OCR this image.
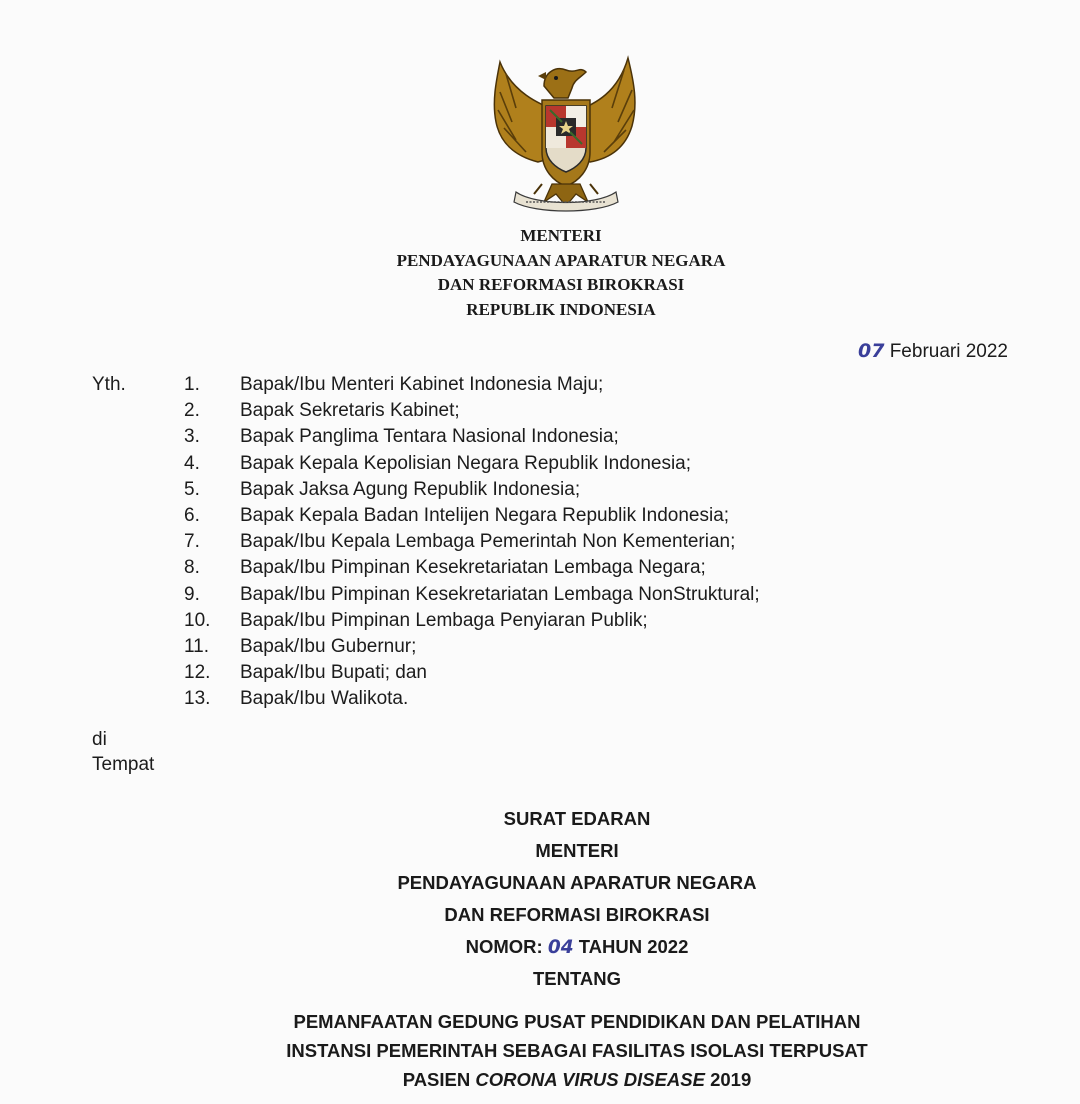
MENTERI
PENDAYAGUNAAN APARATUR NEGARA
DAN REFORMASI BIROKRASI
REPUBLIK INDONESIA
07 Februari 2022
Yth.	1.	Bapak/Ibu Menteri Kabinet Indonesia Maju;
2.	Bapak Sekretaris Kabinet;
3.	Bapak Panglima Tentara Nasional Indonesia;
4.	Bapak Kepala Kepolisian Negara Republik Indonesia;
5.	Bapak Jaksa Agung Republik Indonesia;
6.	Bapak Kepala Badan Intelijen Negara Republik Indonesia;
7.	Bapak/Ibu Kepala Lembaga Pemerintah Non Kementerian;
8.	Bapak/Ibu Pimpinan Kesekretariatan Lembaga Negara;
9.	Bapak/Ibu Pimpinan Kesekretariatan Lembaga NonStruktural;
10.	Bapak/Ibu Pimpinan Lembaga Penyiaran Publik;
11.	Bapak/Ibu Gubernur;
12.	Bapak/Ibu Bupati; dan
13.	Bapak/Ibu Walikota.
di
Tempat
SURAT EDARAN
MENTERI
PENDAYAGUNAAN APARATUR NEGARA
DAN REFORMASI BIROKRASI
NOMOR: 04 TAHUN 2022
TENTANG
PEMANFAATAN GEDUNG PUSAT PENDIDIKAN DAN PELATIHAN
INSTANSI PEMERINTAH SEBAGAI FASILITAS ISOLASI TERPUSAT
PASIEN CORONA VIRUS DISEASE 2019
